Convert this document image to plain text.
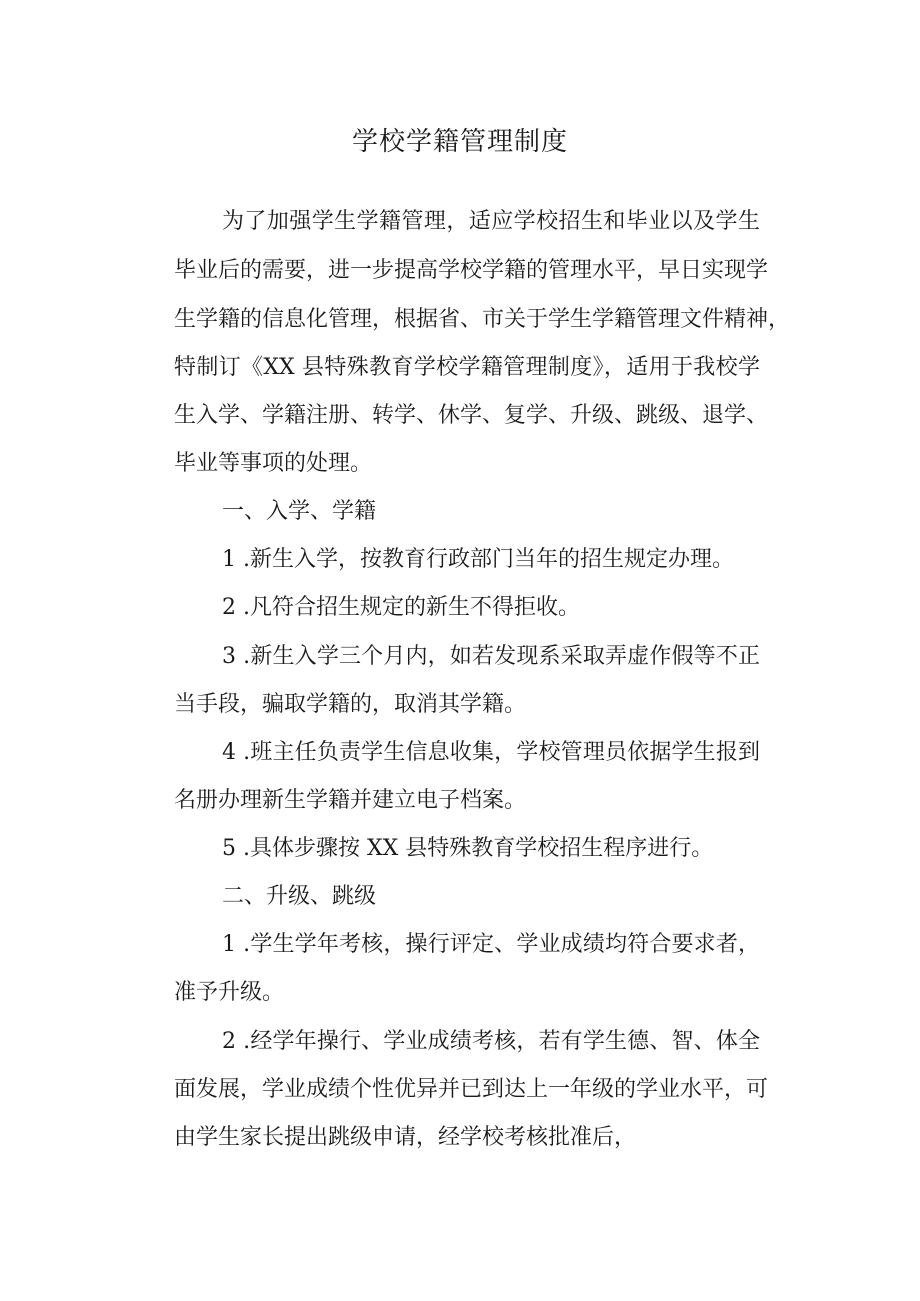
学校学籍管理制度
为了加强学生学籍管理，适应学校招生和毕业以及学生
毕业后的需要，进一步提高学校学籍的管理水平，早日实现学
生学籍的信息化管理，根据省、市关于学生学籍管理文件精神，
特制订《XX 县特殊教育学校学籍管理制度》，适用于我校学
生入学、学籍注册、转学、休学、复学、升级、跳级、退学、
毕业等事项的处理。
一、入学、学籍
1 .新生入学，按教育行政部门当年的招生规定办理。
2 .凡符合招生规定的新生不得拒收。
3 .新生入学三个月内，如若发现系采取弄虚作假等不正
当手段，骗取学籍的，取消其学籍。
4 .班主任负责学生信息收集，学校管理员依据学生报到
名册办理新生学籍并建立电子档案。
5 .具体步骤按 XX 县特殊教育学校招生程序进行。
二、升级、跳级
1 .学生学年考核，操行评定、学业成绩均符合要求者，
准予升级。
2 .经学年操行、学业成绩考核，若有学生德、智、体全
面发展，学业成绩个性优异并已到达上一年级的学业水平，可
由学生家长提出跳级申请，经学校考核批准后，
